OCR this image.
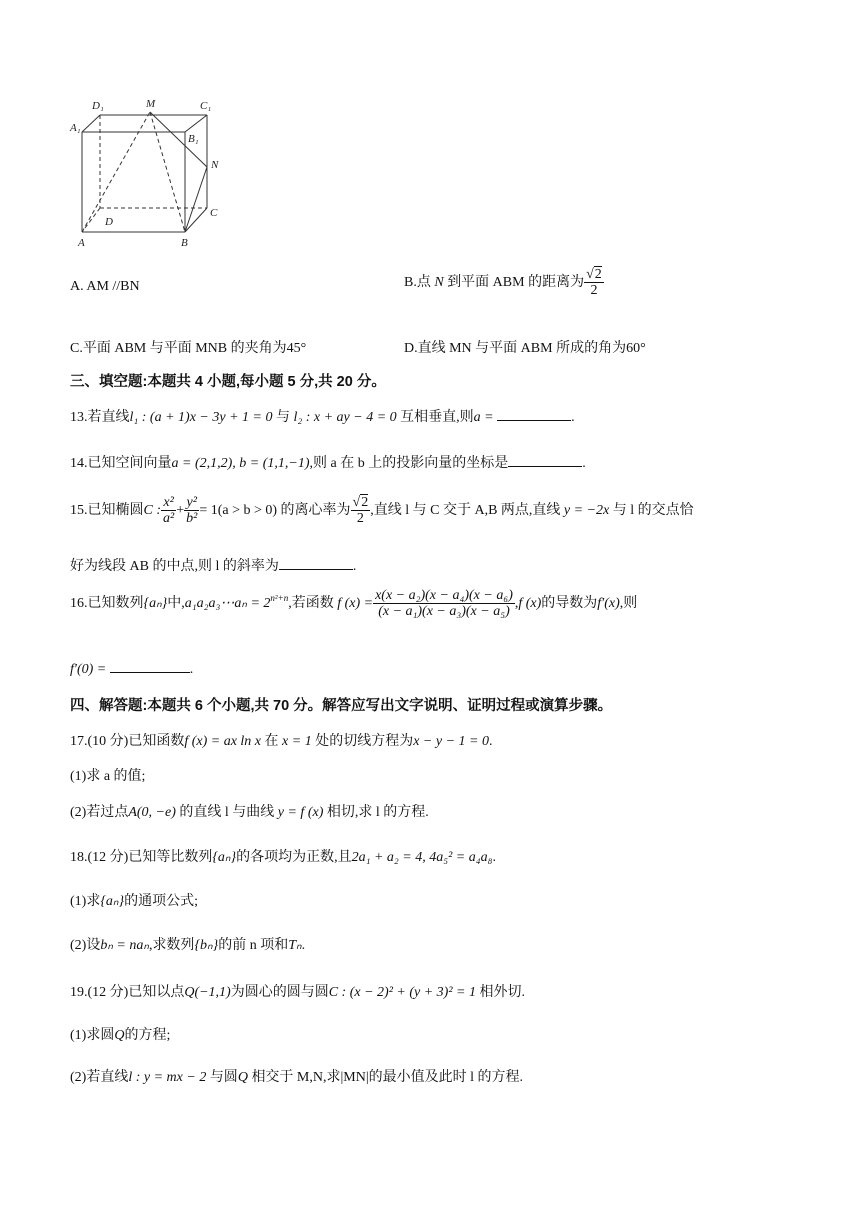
A₁
D₁	M	C₁
B₁
N
D
C
A	B
A. AM //BN	B.点 N 到平面 ABM 的距离为 $\frac{√2}{2}$
C.平面 ABM 与平面 MNB 的夹角为45°	D.直线 MN 与平面 ABM 所成的角为60°
三、填空题:本题共 4 小题,每小题 5 分,共 20 分。
13.若直线l₁ : (a + 1)x − 3y + 1 = 0 与 l₂ : x + ay − 4 = 0 互相垂直,则a =	.
14.已知空间向量a = (2,1,2), b = (1,1,−1),则 a 在 b 上的投影向量的坐标是	.
15.已知椭圆C : $\frac{\text{x²}}{\text{a²}} + \frac{\text{y²}}{\text{b²}} = 1(a > b > 0)$ 的离心率为 $\frac{√2}{2}$ ,直线 l 与 C 交于 A,B 两点,直线 y = −2x 与 l 的交点恰
好为线段 AB 的中点,则 l 的斜率为	.
16.已知数列{aₙ}中,a₁a₂a₃⋯aₙ = $2^{n^2+n}$,若函数 f $(x) = \frac{\text{x(x − a₂)(x − a₄)(x − a₆)}}{\text{(x − a₁)(x − a₃)(x − a₅)}} ,f$ (x)的导数为f′(x),则
f′(0) =	.
四、解答题:本题共 6 个小题,共 70 分。解答应写出文字说明、证明过程或演算步骤。
17.(10 分)已知函数f (x) = ax ln x 在 x = 1 处的切线方程为x − y − 1 = 0.
(1)求 a 的值;
(2)若过点A(0, −e) 的直线 l 与曲线 y = f (x) 相切,求 l 的方程.
18.(12 分)已知等比数列{aₙ}的各项均为正数,且2a₁ + a₂ = 4, 4a₅² = a₄a₈.
(1)求{aₙ}的通项公式;
(2)设bₙ = naₙ,求数列{bₙ}的前 n 项和Tₙ.
19.(12 分)已知以点Q(−1,1)为圆心的圆与圆C : (x − 2)² + (y + 3)² = 1 相外切.
(1)求圆Q的方程;
(2)若直线l : y = mx − 2 与圆Q 相交于 M,N,求|MN|的最小值及此时 l 的方程.
